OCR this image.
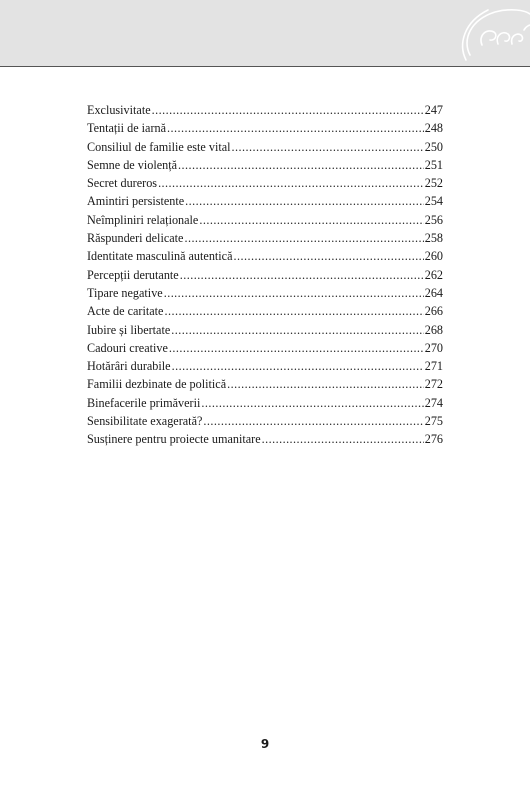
Exclusivitate . . .	247
Tentații de iarnă . . .	248
Consiliul de familie este vital . . .	250
Semne de violență . . .	251
Secret dureros . . .	252
Amintiri persistente . . .	254
Neîmpliniri relaționale . . .	256
Răspunderi delicate . . .	258
Identitate masculină autentică . . .	260
Percepții derutante . . .	262
Tipare negative . . .	264
Acte de caritate . . .	266
Iubire și libertate . . .	268
Cadouri creative . . .	270
Hotărâri durabile . . .	271
Familii dezbinate de politică . . .	272
Binefacerile primăverii . . .	274
Sensibilitate exagerată? . . .	275
Susținere pentru proiecte umanitare . . .	276
9
